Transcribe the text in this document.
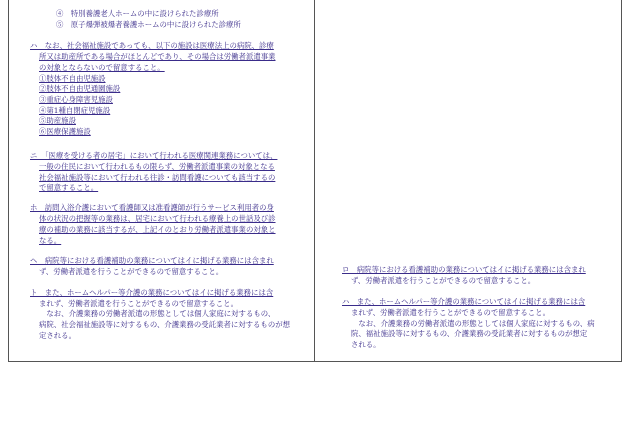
④　特別養護老人ホームの中に設けられた診療所
⑤　原子爆弾被爆者養護ホームの中に設けられた診療所
ハ　なお、社会福祉施設であっても、以下の施設は医療法上の病院、診療
所又は助産所である場合がほとんどであり、その場合は労働者派遣事業
の対象とならないので留意すること。
①肢体不自由児施設
②肢体不自由児通園施設
③重症心身障害児施設
④第1種自閉症児施設
⑤助産施設
⑥医療保護施設
ニ　「医療を受ける者の居宅」において行われる医療関連業務については、
一般の住民において行われるもの限らず、労働者派遣事業の対象となる
社会福祉施設等において行われる往診・訪問看護についても該当するの
で留意すること。
ホ　訪問入浴介護において看護師又は准看護師が行うサービス利用者の身
体の状況の把握等の業務は、居宅において行われる療養上の世話及び診
療の補助の業務に該当するが、上記イのとおり労働者派遣事業の対象と
なる。
ヘ　病院等における看護補助の業務についてはイに掲げる業務には含まれ
ず、労働者派遣を行うことができるので留意すること。
ト　また、ホームヘルパー等介護の業務についてはイに掲げる業務には含
まれず、労働者派遣を行うことができるので留意すること。
　なお、介護業務の労働者派遣の形態としては個人家庭に対するもの、
病院、社会福祉施設等に対するもの、介護業務の受託業者に対するものが想
定される。
ロ　病院等における看護補助の業務についてはイに掲げる業務には含まれ
ず、労働者派遣を行うことができるので留意すること。
ハ　また、ホームヘルパー等介護の業務についてはイに掲げる業務には含
まれず、労働者派遣を行うことができるので留意すること。
　なお、介護業務の労働者派遣の形態としては個人家庭に対するもの、病
院、福祉施設等に対するもの、介護業務の受託業者に対するものが想定
される。
